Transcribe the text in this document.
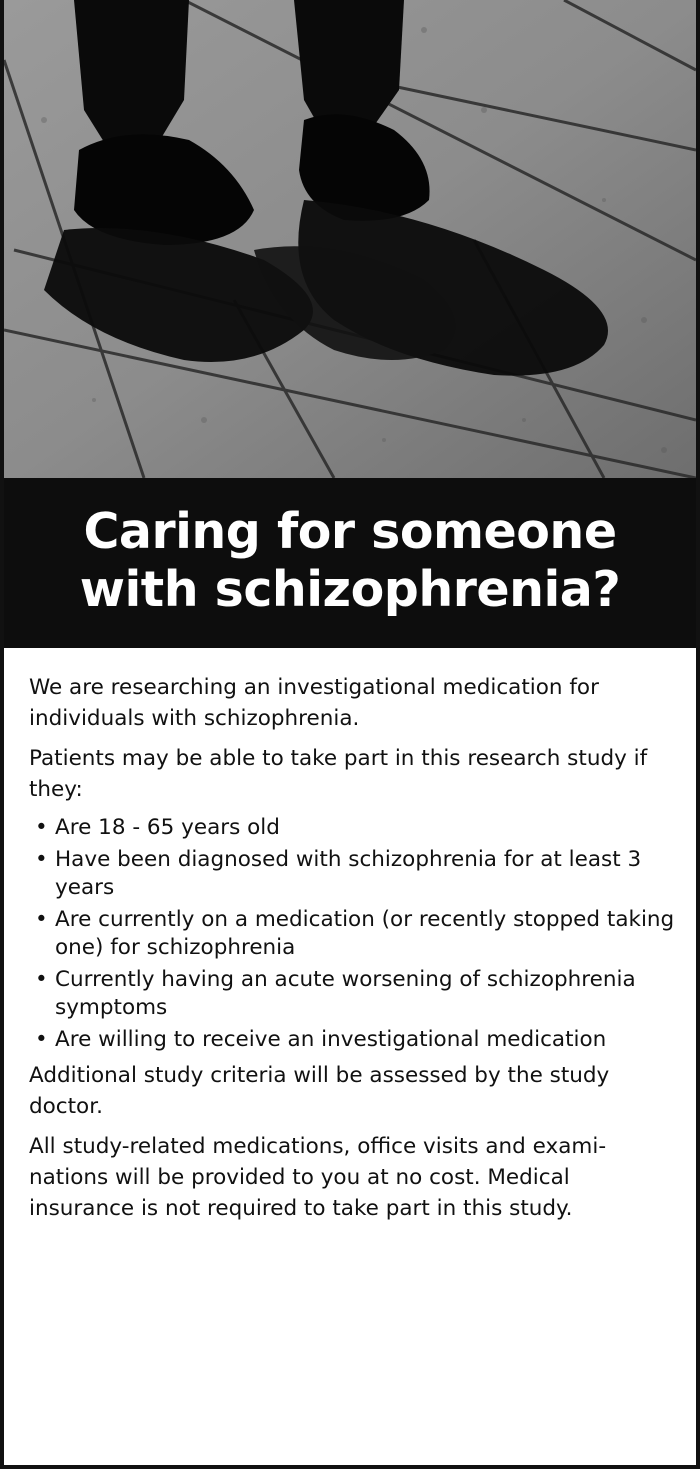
Caring for someone
with schizophrenia?

We are researching an investigational medication for individuals with schizophrenia.

Patients may be able to take part in this research study if they:

• Are 18 - 65 years old
• Have been diagnosed with schizophrenia for at least 3 years
• Are currently on a medication (or recently stopped taking one) for schizophrenia
• Currently having an acute worsening of schizophrenia symptoms
• Are willing to receive an investigational medication

Additional study criteria will be assessed by the study doctor.

All study-related medications, office visits and exami-nations will be provided to you at no cost. Medical insurance is not required to take part in this study.
